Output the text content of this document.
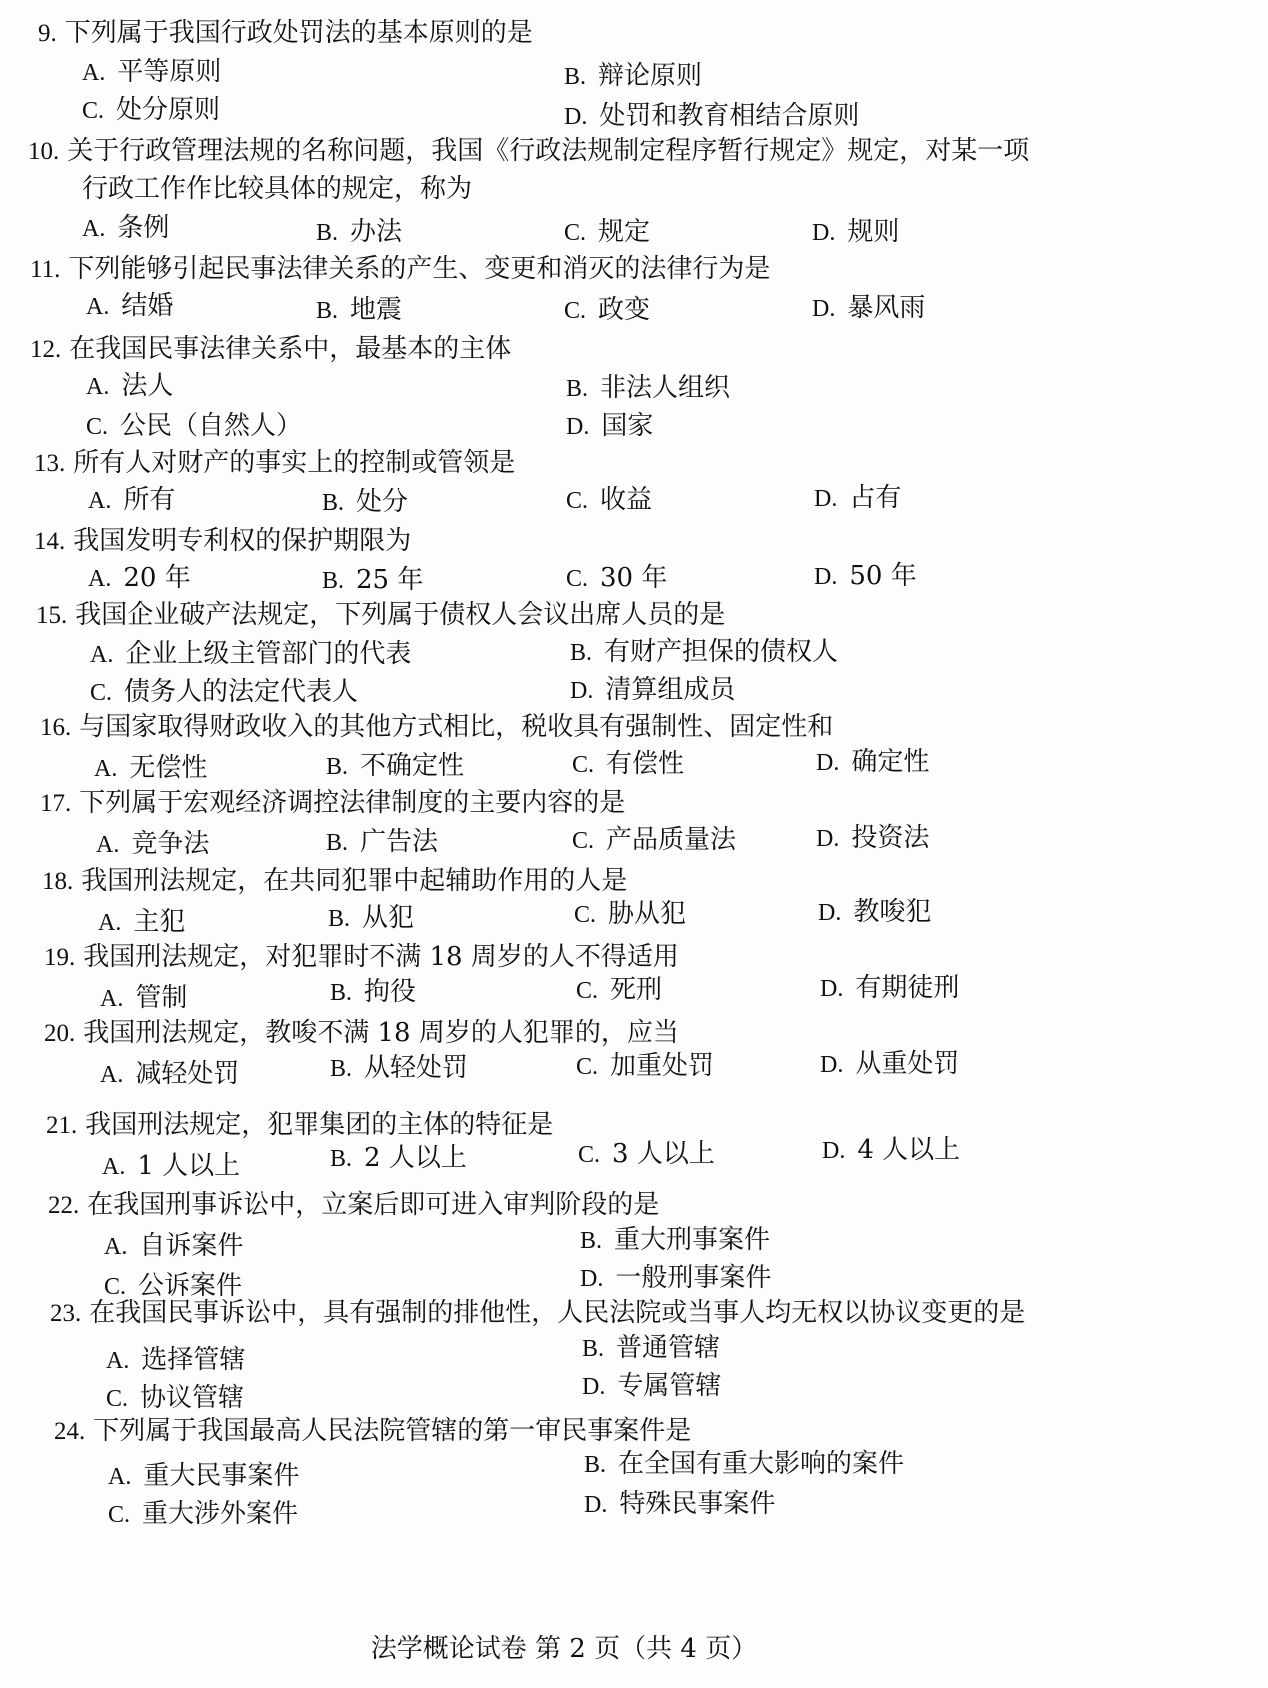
9. 下列属于我国行政处罚法的基本原则的是
A. 平等原则	B. 辩论原则
C. 处分原则	D. 处罚和教育相结合原则
10. 关于行政管理法规的名称问题，我国《行政法规制定程序暂行规定》规定，对某一项
行政工作作比较具体的规定，称为
A. 条例	B. 办法	C. 规定	D. 规则
11. 下列能够引起民事法律关系的产生、变更和消灭的法律行为是
A. 结婚	B. 地震	C. 政变	D. 暴风雨
12. 在我国民事法律关系中，最基本的主体
A. 法人	B. 非法人组织
C. 公民（自然人）	D. 国家
13. 所有人对财产的事实上的控制或管领是
A. 所有	B. 处分	C. 收益	D. 占有
14. 我国发明专利权的保护期限为
A. 20 年	B. 25 年	C. 30 年	D. 50 年
15. 我国企业破产法规定，下列属于债权人会议出席人员的是
A. 企业上级主管部门的代表	B. 有财产担保的债权人
C. 债务人的法定代表人	D. 清算组成员
16. 与国家取得财政收入的其他方式相比，税收具有强制性、固定性和
A. 无偿性	B. 不确定性	C. 有偿性	D. 确定性
17. 下列属于宏观经济调控法律制度的主要内容的是
A. 竞争法	B. 广告法	C. 产品质量法	D. 投资法
18. 我国刑法规定，在共同犯罪中起辅助作用的人是
A. 主犯	B. 从犯	C. 胁从犯	D. 教唆犯
19. 我国刑法规定，对犯罪时不满 18 周岁的人不得适用
A. 管制	B. 拘役	C. 死刑	D. 有期徒刑
20. 我国刑法规定，教唆不满 18 周岁的人犯罪的，应当
A. 减轻处罚	B. 从轻处罚	C. 加重处罚	D. 从重处罚
21. 我国刑法规定，犯罪集团的主体的特征是
A. 1 人以上	B. 2 人以上	C. 3 人以上	D. 4 人以上
22. 在我国刑事诉讼中，立案后即可进入审判阶段的是
A. 自诉案件	B. 重大刑事案件
C. 公诉案件	D. 一般刑事案件
23. 在我国民事诉讼中，具有强制的排他性，人民法院或当事人均无权以协议变更的是
A. 选择管辖	B. 普通管辖
C. 协议管辖	D. 专属管辖
24. 下列属于我国最高人民法院管辖的第一审民事案件是
A. 重大民事案件	B. 在全国有重大影响的案件
C. 重大涉外案件	D. 特殊民事案件
法学概论试卷 第 2 页（共 4 页）
